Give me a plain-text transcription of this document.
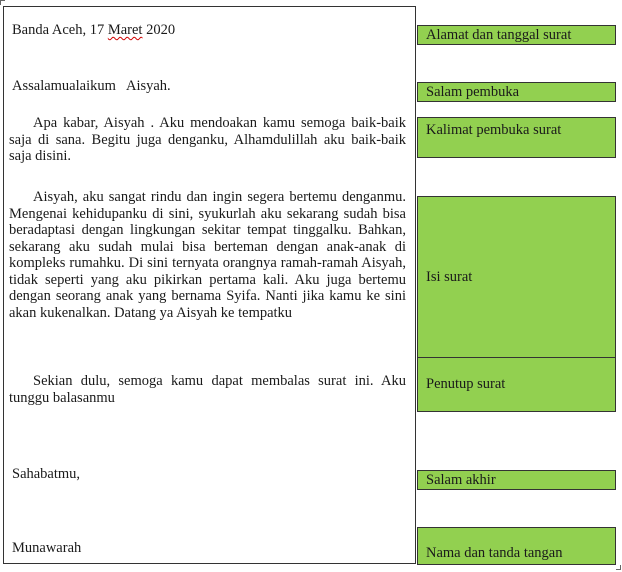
Banda Aceh, 17 Maret 2020

Assalamualaikum   Aisyah.

Apa kabar, Aisyah . Aku mendoakan kamu semoga baik-baik saja di sana. Begitu juga denganku, Alhamdulillah aku baik-baik saja disini.

Aisyah, aku sangat rindu dan ingin segera bertemu denganmu. Mengenai kehidupanku di sini, syukurlah aku sekarang sudah bisa beradaptasi dengan lingkungan sekitar tempat tinggalku. Bahkan, sekarang aku sudah mulai bisa berteman dengan anak-anak di kompleks rumahku. Di sini ternyata orangnya ramah-ramah Aisyah, tidak seperti yang aku pikirkan pertama kali. Aku juga bertemu dengan seorang anak yang bernama Syifa. Nanti jika kamu ke sini akan kukenalkan. Datang ya Aisyah ke tempatku

Sekian dulu, semoga kamu dapat membalas surat ini. Aku tunggu balasanmu

Sahabatmu,

Munawarah

Alamat dan tanggal surat
Salam pembuka
Kalimat pembuka surat
Isi surat
Penutup surat
Salam akhir
Nama dan tanda tangan
